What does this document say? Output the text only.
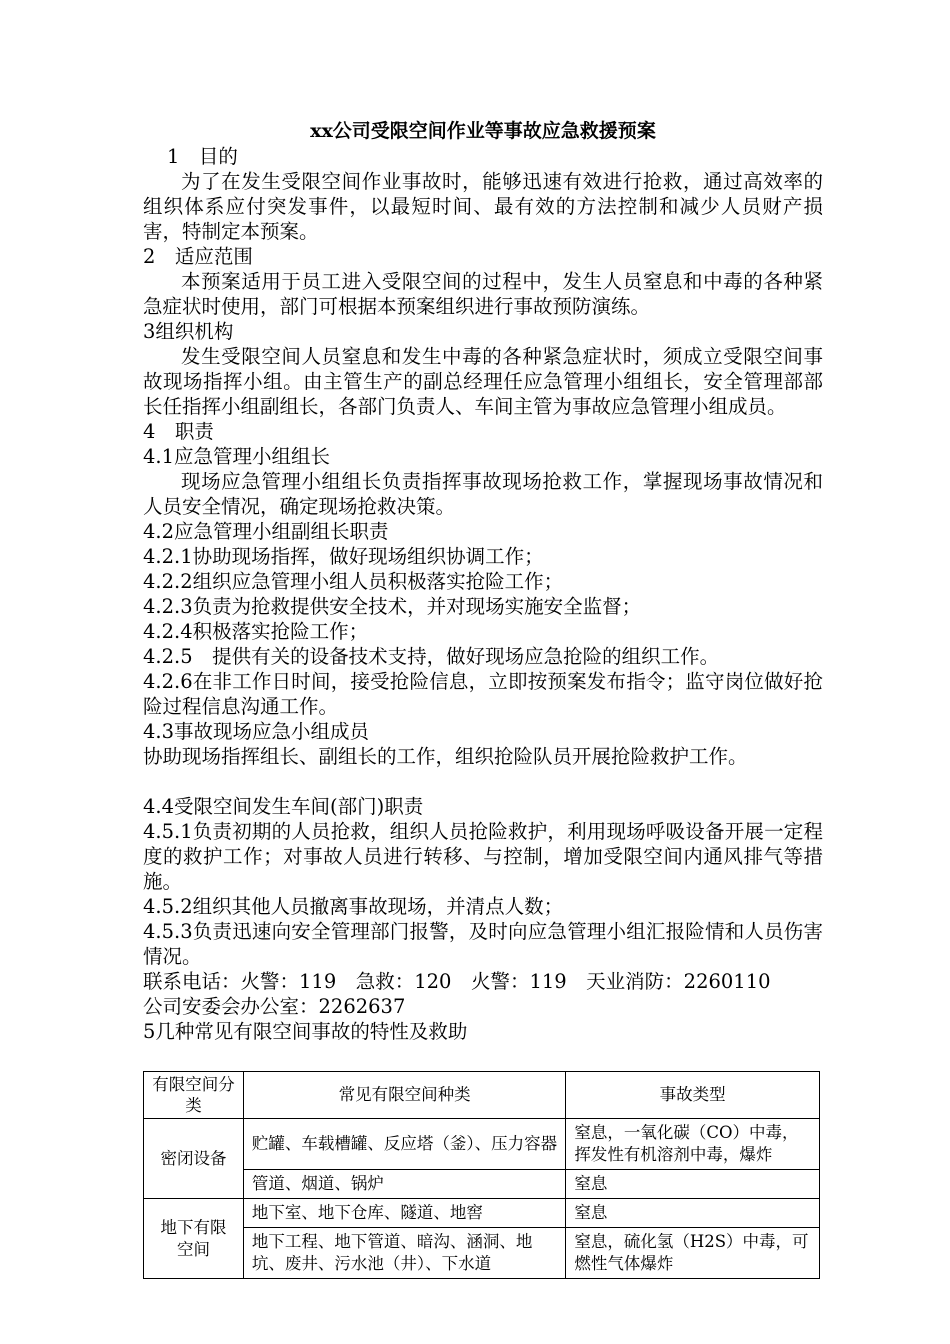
xx公司受限空间作业等事故应急救援预案
1　目的
为了在发生受限空间作业事故时，能够迅速有效进行抢救，通过高效率的组织体系应付突发事件，以最短时间、最有效的方法控制和减少人员财产损害，特制定本预案。
2　适应范围
本预案适用于员工进入受限空间的过程中，发生人员窒息和中毒的各种紧急症状时使用，部门可根据本预案组织进行事故预防演练。
3组织机构
发生受限空间人员窒息和发生中毒的各种紧急症状时，须成立受限空间事故现场指挥小组。由主管生产的副总经理任应急管理小组组长，安全管理部部长任指挥小组副组长，各部门负责人、车间主管为事故应急管理小组成员。
4　职责
4.1应急管理小组组长
现场应急管理小组组长负责指挥事故现场抢救工作，掌握现场事故情况和人员安全情况，确定现场抢救决策。
4.2应急管理小组副组长职责
4.2.1协助现场指挥，做好现场组织协调工作；
4.2.2组织应急管理小组人员积极落实抢险工作；
4.2.3负责为抢救提供安全技术，并对现场实施安全监督；
4.2.4积极落实抢险工作；
4.2.5　提供有关的设备技术支持，做好现场应急抢险的组织工作。
4.2.6在非工作日时间，接受抢险信息，立即按预案发布指令；监守岗位做好抢险过程信息沟通工作。
4.3事故现场应急小组成员
协助现场指挥组长、副组长的工作，组织抢险队员开展抢险救护工作。
4.4受限空间发生车间(部门)职责
4.5.1负责初期的人员抢救，组织人员抢险救护，利用现场呼吸设备开展一定程度的救护工作；对事故人员进行转移、与控制，增加受限空间内通风排气等措施。
4.5.2组织其他人员撤离事故现场，并清点人数；
4.5.3负责迅速向安全管理部门报警，及时向应急管理小组汇报险情和人员伤害情况。
联系电话：火警：119　急救：120　火警：119　天业消防：2260110
公司安委会办公室：2262637
5几种常见有限空间事故的特性及救助
有限空间分类	常见有限空间种类	事故类型
密闭设备	贮罐、车载槽罐、反应塔（釜）、压力容器	窒息，一氧化碳（CO）中毒，挥发性有机溶剂中毒，爆炸
	管道、烟道、锅炉	窒息
地下有限空间	地下室、地下仓库、隧道、地窖	窒息
	地下工程、地下管道、暗沟、涵洞、地坑、废井、污水池（井）、下水道	窒息，硫化氢（H2S）中毒，可燃性气体爆炸
